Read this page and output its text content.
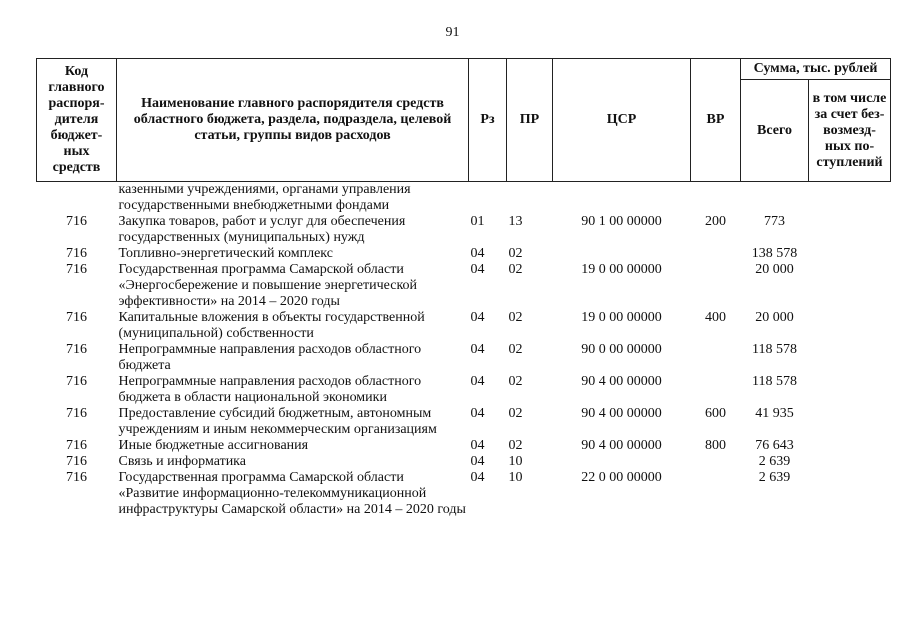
91
Код главного распоря-дителя бюджет-ных средств	Наименование главного распорядителя средств областного бюджета, раздела, подраздела, целевой статьи, группы видов расходов	Рз	ПР	ЦСР	ВР	Сумма, тыс. рублей	
						Всего	в том числе за счет без-возмезд-ных по-ступлений
	казенными учреждениями, органами управления государственными внебюджетными фондами						
716	Закупка товаров, работ и услуг для обеспечения государственных (муниципальных) нужд	01	13	90 1 00 00000	200	773	
716	Топливно-энергетический комплекс	04	02			138 578	
716	Государственная программа Самарской области «Энергосбережение и повышение энергетической эффективности» на 2014 – 2020 годы	04	02	19 0 00 00000		20 000	
716	Капитальные вложения в объекты государственной (муниципальной) собственности	04	02	19 0 00 00000	400	20 000	
716	Непрограммные направления расходов областного бюджета	04	02	90 0 00 00000		118 578	
716	Непрограммные направления расходов областного бюджета в области национальной экономики	04	02	90 4 00 00000		118 578	
716	Предоставление субсидий бюджетным, автономным учреждениям и иным некоммерческим организациям	04	02	90 4 00 00000	600	41 935	
716	Иные бюджетные ассигнования	04	02	90 4 00 00000	800	76 643	
716	Связь и информатика	04	10			2 639	
716	Государственная программа Самарской области «Развитие информационно-телекоммуникационной инфраструктуры Самарской области» на 2014 – 2020 годы	04	10	22 0 00 00000		2 639	
